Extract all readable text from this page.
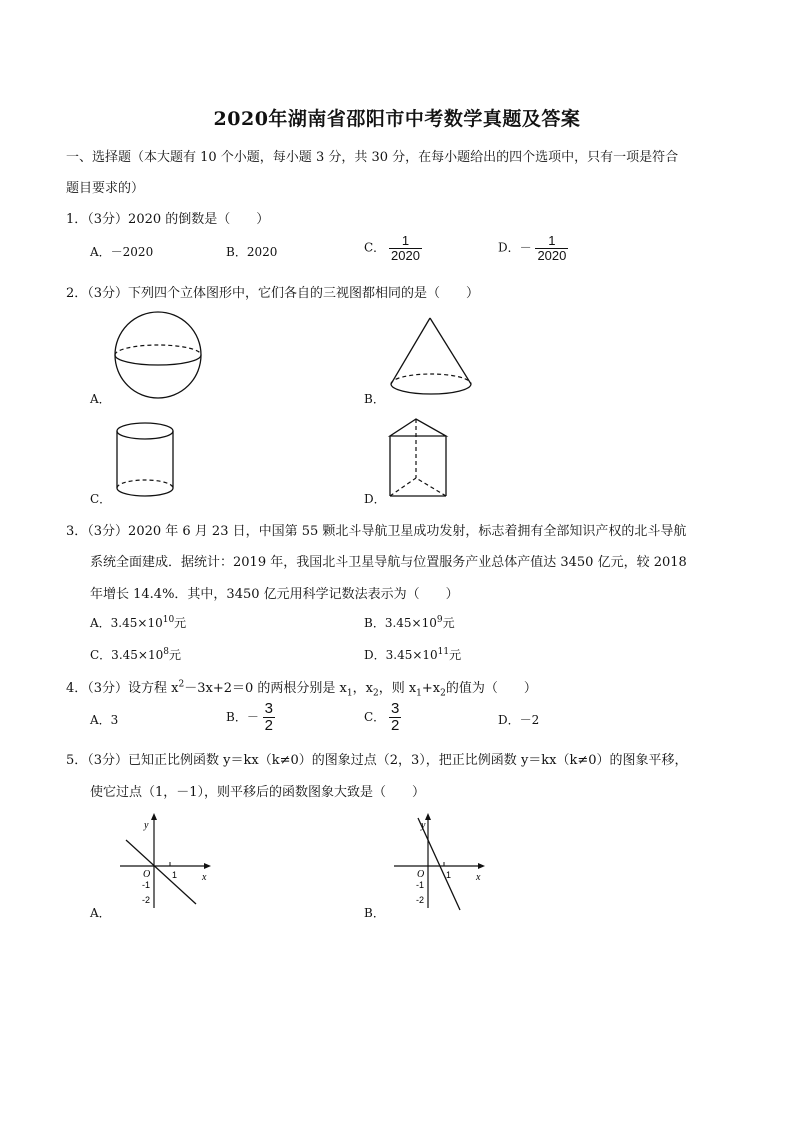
2020年湖南省邵阳市中考数学真题及答案
一、选择题（本大题有 10 个小题，每小题 3 分，共 30 分，在每小题给出的四个选项中，只有一项是符合
题目要求的）
1．（3分）2020 的倒数是（　　）
A．－2020	B．2020	C． $\frac{1}{2020}$	D．－ $\frac{1}{2020}$
2．（3分）下列四个立体图形中，它们各自的三视图都相同的是（　　）
A．	B．
C．	D．
3．（3分）2020 年 6 月 23 日，中国第 55 颗北斗导航卫星成功发射，标志着拥有全部知识产权的北斗导航
系统全面建成．据统计：2019 年，我国北斗卫星导航与位置服务产业总体产值达 3450 亿元，较 2018
年增长 14.4%．其中，3450 亿元用科学记数法表示为（　　）
A．$3.45\times 10^{10}$元	B．$3.45\times 10^9$元
C．$3.45\times 10^8$元	D．$3.45\times 10^{11}$元
4．（3分）设方程 $x^2-3x+2=0$ 的两根分别是 $x_1$，$x_2$，则 $x_1+x_2$的值为（　　）
A．3	B．－ $\frac{3}{2}$	C． $\frac{3}{2}$	D．－2
5．（3分）已知正比例函数 y＝kx（k≠0）的图象过点（2，3），把正比例函数 y＝kx（k≠0）的图象平移，
使它过点（1，－1），则平移后的函数图象大致是（　　）
y
x
O 1
-1
-2
A．
y
x
O 1
-1
-2
B．
